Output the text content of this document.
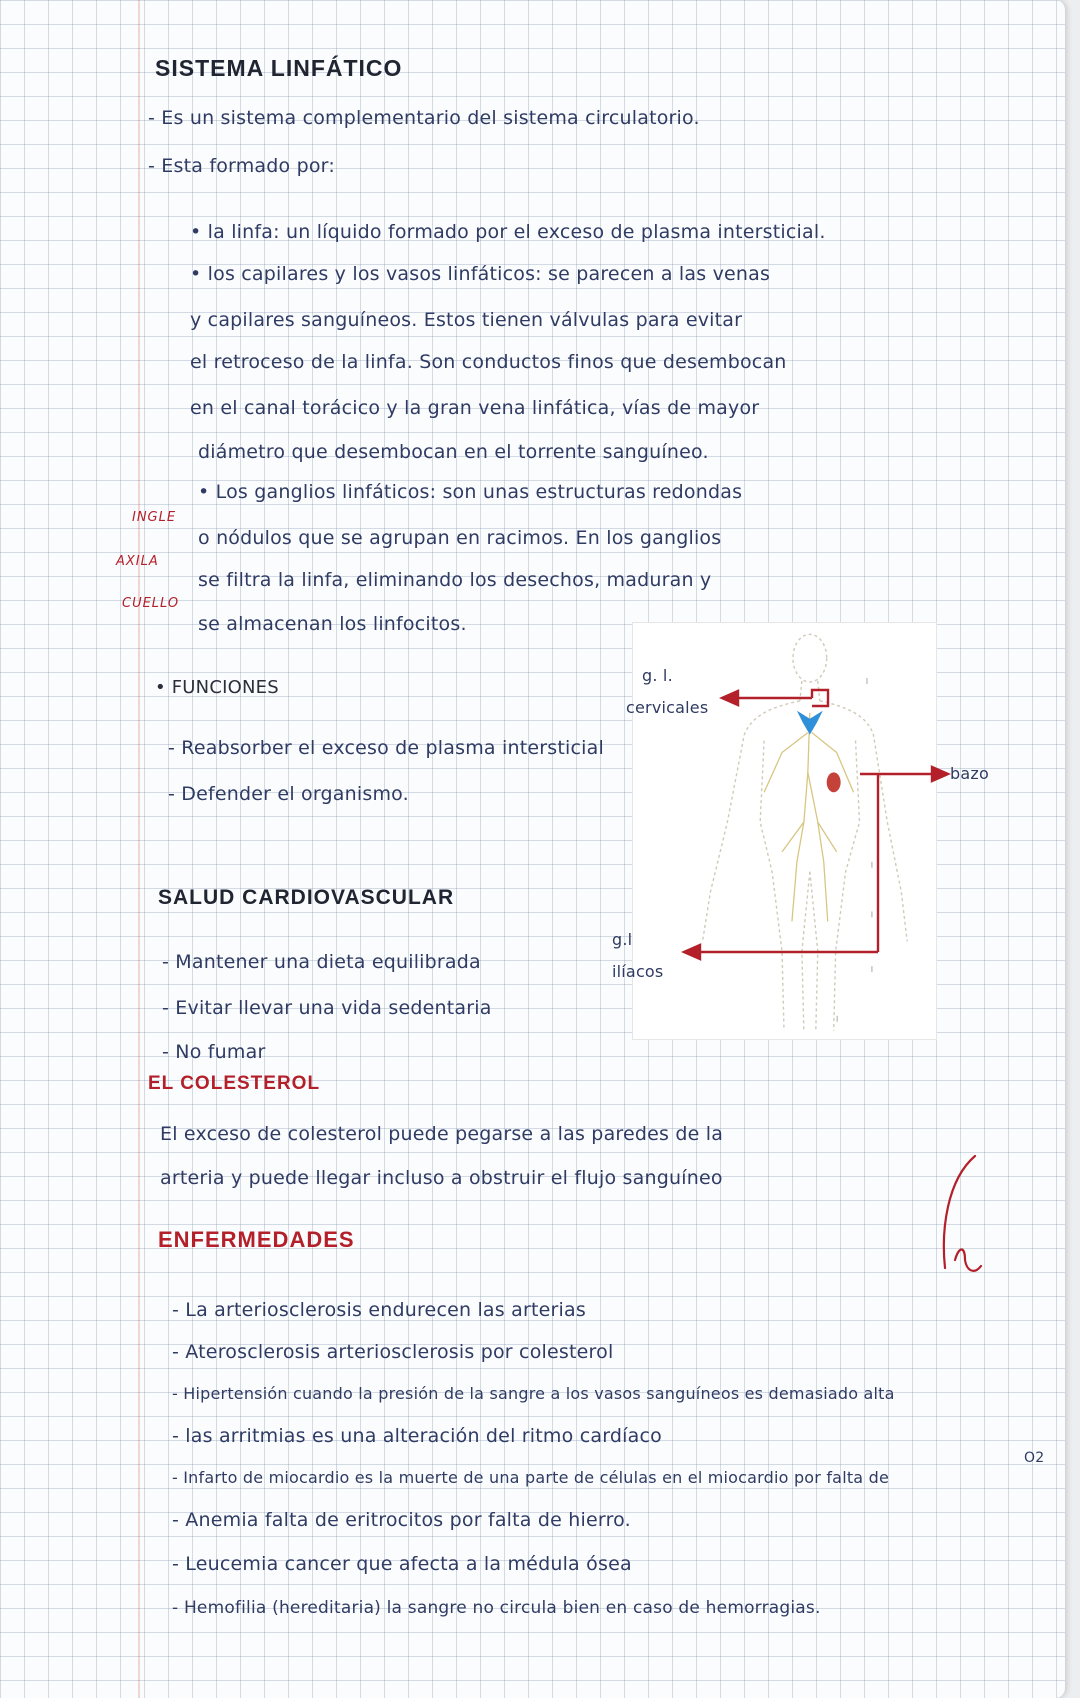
SISTEMA LINFÁTICO
- Es un sistema complementario del sistema circulatorio.
- Esta formado por:
• la linfa: un líquido formado por el exceso de plasma intersticial.
• los capilares y los vasos linfáticos: se parecen a las venas
y capilares sanguíneos. Estos tienen válvulas para evitar
el retroceso de la linfa. Son conductos finos que desembocan
en el canal torácico y la gran vena linfática, vías de mayor
diámetro que desembocan en el torrente sanguíneo.
• Los ganglios linfáticos: son unas estructuras redondas
o nódulos que se agrupan en racimos. En los ganglios
se filtra la linfa, eliminando los desechos, maduran y
se almacenan los linfocitos.
INGLE
AXILA
CUELLO
• FUNCIONES
- Reabsorber el exceso de plasma intersticial
- Defender el organismo.
g. l.
cervicales
bazo
g.l
ilíacos
SALUD CARDIOVASCULAR
- Mantener una dieta equilibrada
- Evitar llevar una vida sedentaria
- No fumar
EL COLESTEROL
El exceso de colesterol puede pegarse a las paredes de la
arteria y puede llegar incluso a obstruir el flujo sanguíneo
ENFERMEDADES
- La arteriosclerosis endurecen las arterias
- Aterosclerosis arteriosclerosis por colesterol
- Hipertensión cuando la presión de la sangre a los vasos sanguíneos es demasiado alta
- las arritmias es una alteración del ritmo cardíaco
- Infarto de miocardio es la muerte de una parte de células en el miocardio por falta de
O2
- Anemia falta de eritrocitos por falta de hierro.
- Leucemia cancer que afecta a la médula ósea
- Hemofilia (hereditaria) la sangre no circula bien en caso de hemorragias.
